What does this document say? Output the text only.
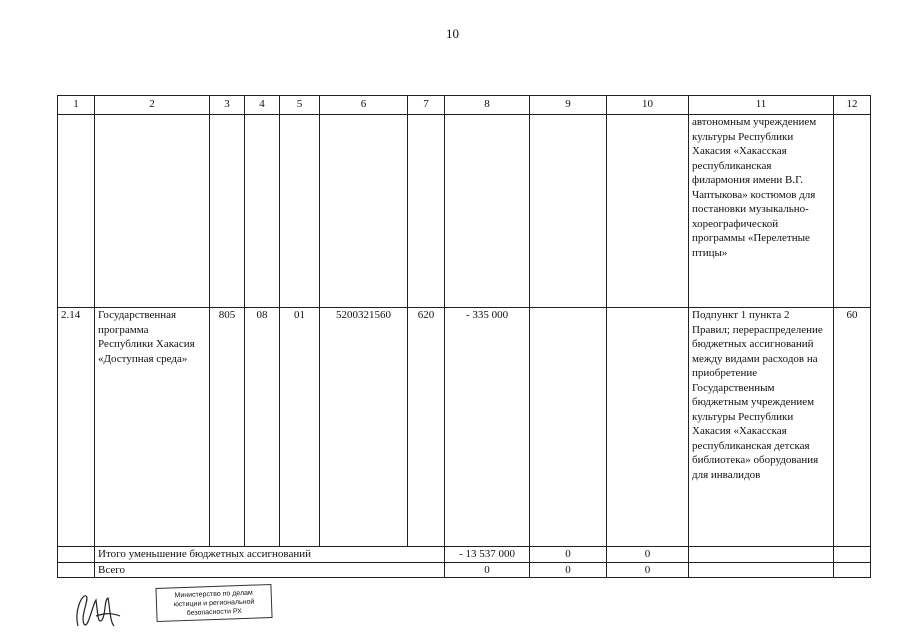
10
1	2	3	4	5	6	7	8	9	10	11	12
										автономным учреждением культуры Республики Хакасия «Хакасская республиканская филармония имени В.Г. Чаптыкова» костюмов для постановки музыкально-хореографической программы «Перелетные птицы»	
2.14	Государственная программа Республики Хакасия «Доступная среда»	805	08	01	5200321560	620	- 335 000			Подпункт 1 пункта 2 Правил; перераспределение бюджетных ассигнований между видами расходов на приобретение Государственным бюджетным учреждением культуры Республики Хакасия «Хакасская республиканская детская библиотека» оборудования для инвалидов	60
	Итого уменьшение бюджетных ассигнований						- 13 537 000	0	0		
	Всего						0	0	0		
Министерство по делам
юстиции и региональной
безопасности РХ
